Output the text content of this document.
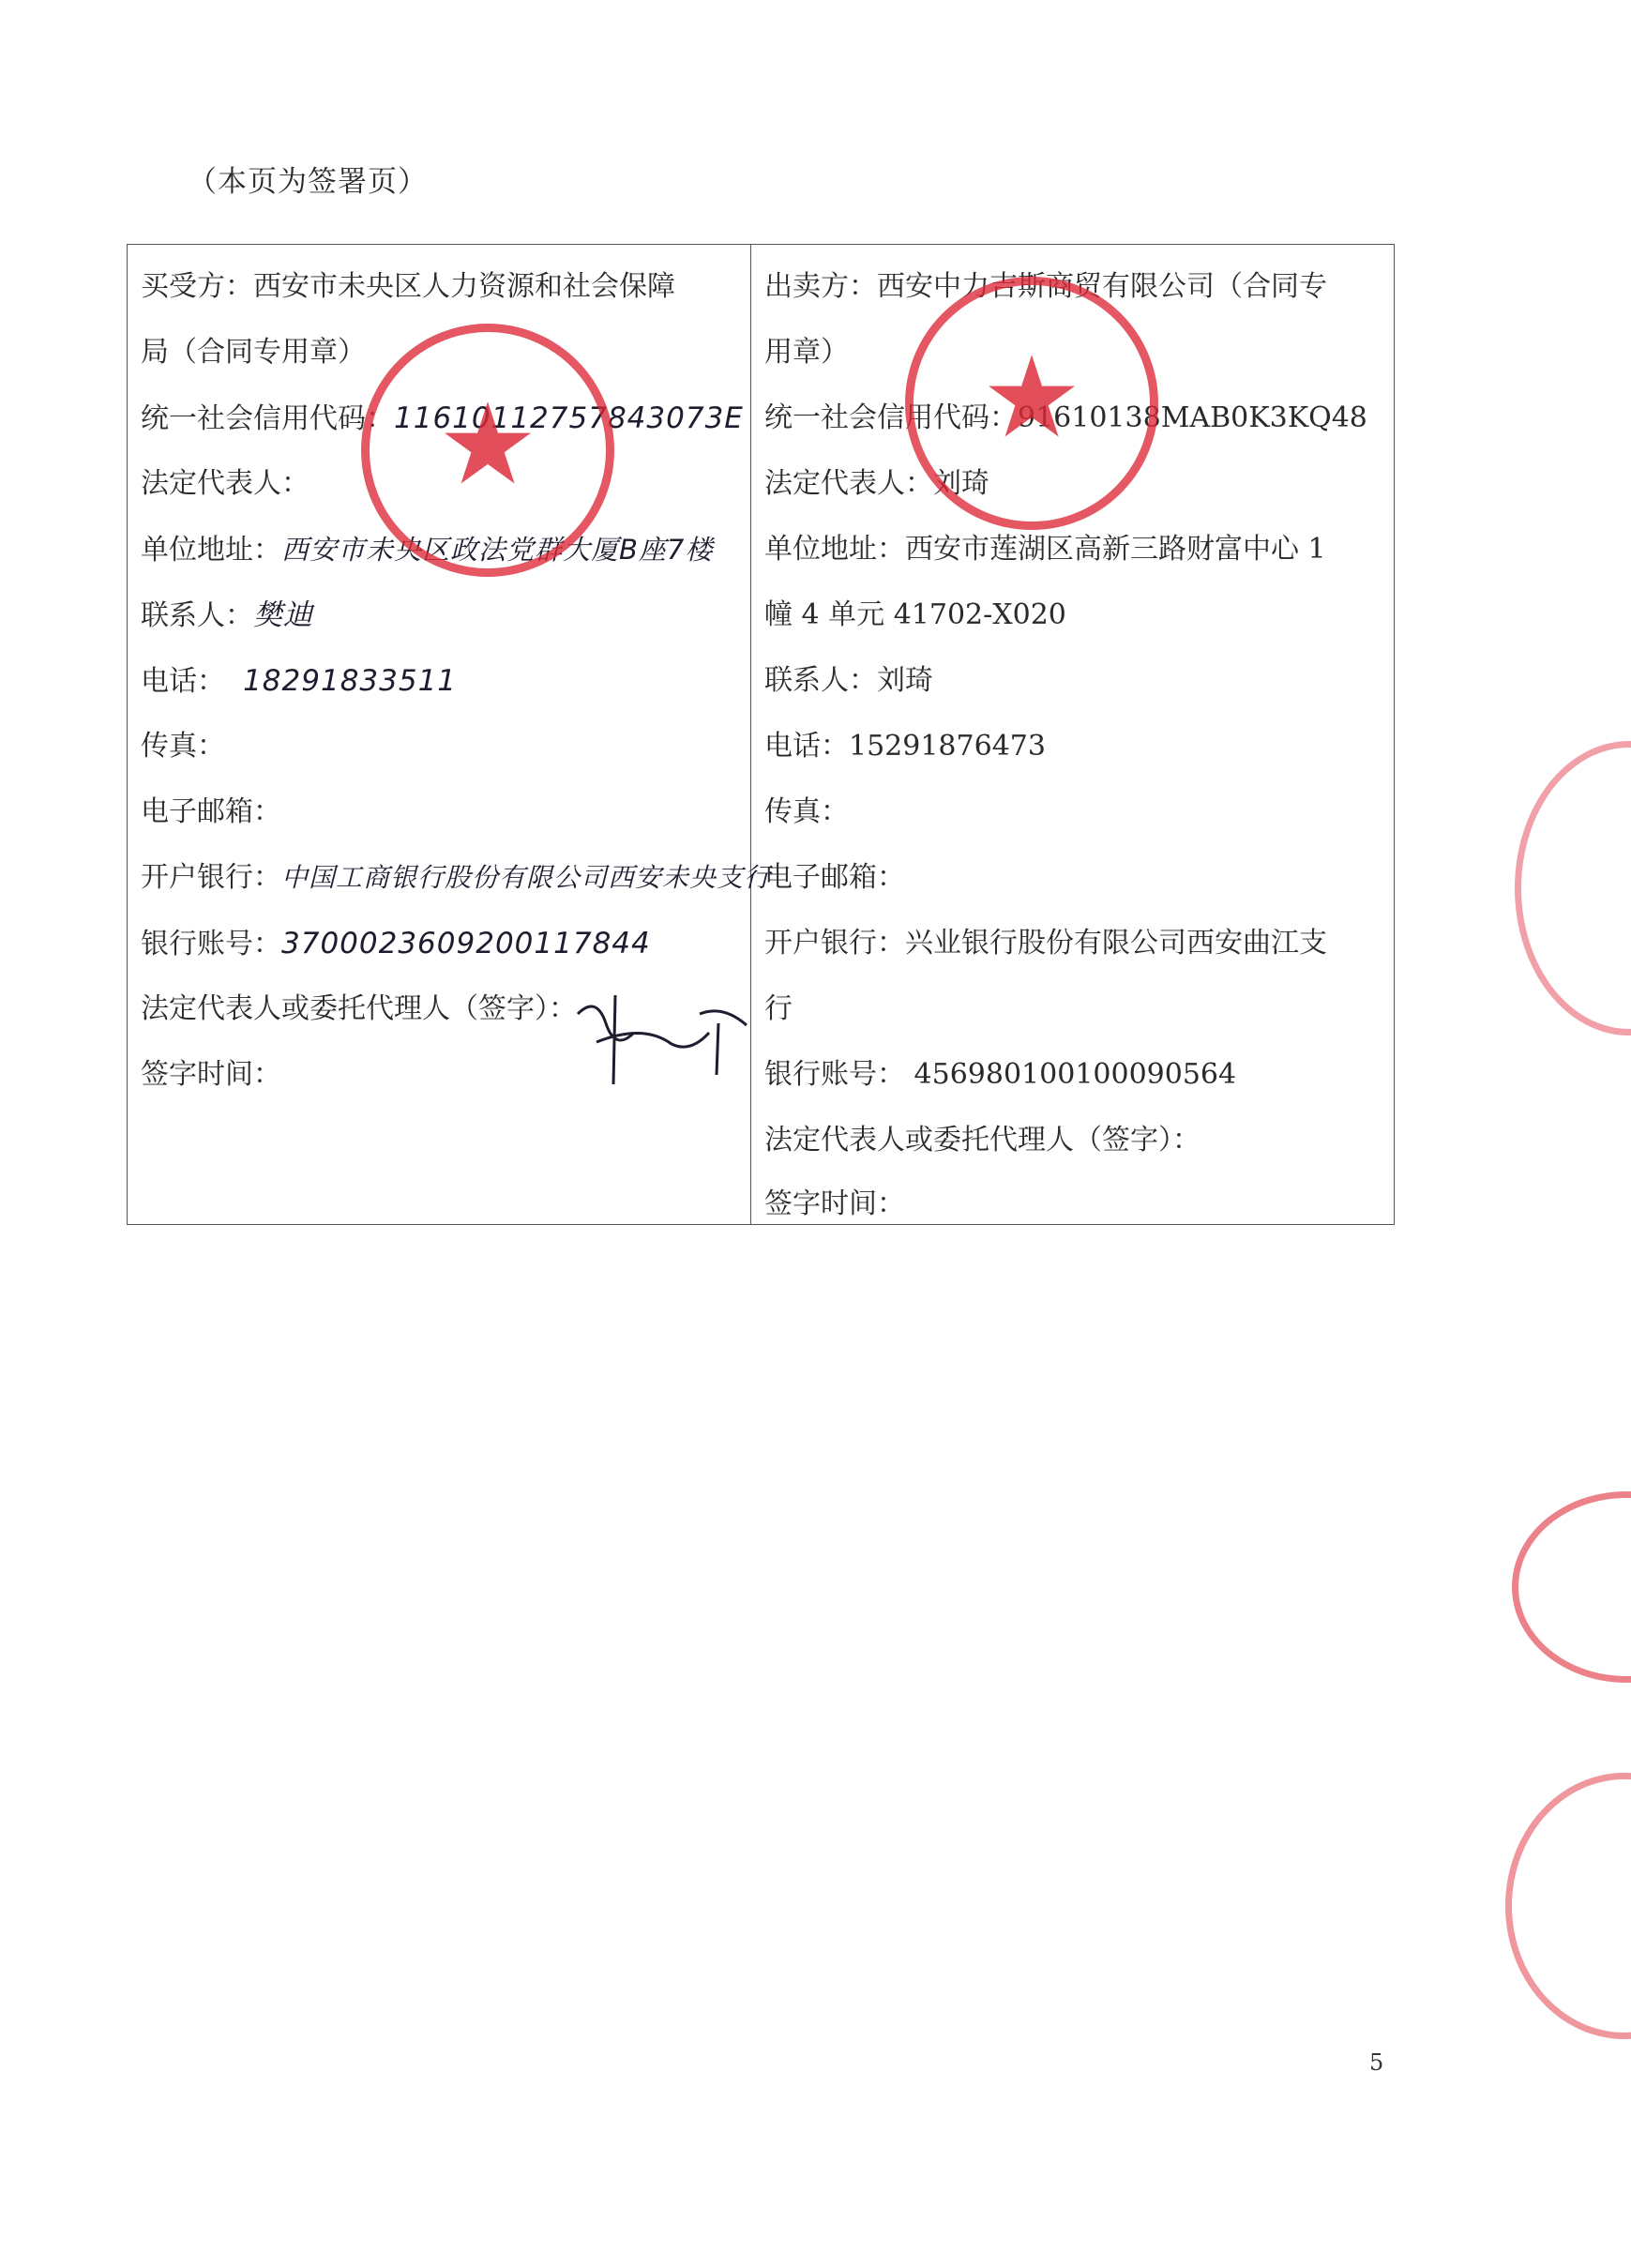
（本页为签署页）
买受方：西安市未央区人力资源和社会保障
局（合同专用章）
统一社会信用代码：11610112757843073E
法定代表人：
单位地址：西安市未央区政法党群大厦B座7楼
联系人：樊迪
电话： 18291833511
传真：
电子邮箱：
开户银行：中国工商银行股份有限公司西安未央支行
银行账号：3700023609200117844
法定代表人或委托代理人（签字）：
签字时间：
出卖方：西安中力吉斯商贸有限公司（合同专
用章）
统一社会信用代码：91610138MAB0K3KQ48
法定代表人：刘琦
单位地址：西安市莲湖区高新三路财富中心 1
幢 4 单元 41702-X020
联系人：刘琦
电话：15291876473
传真：
电子邮箱：
开户银行：兴业银行股份有限公司西安曲江支
行
银行账号： 456980100100090564
法定代表人或委托代理人（签字）：
签字时间：
★	★
5
